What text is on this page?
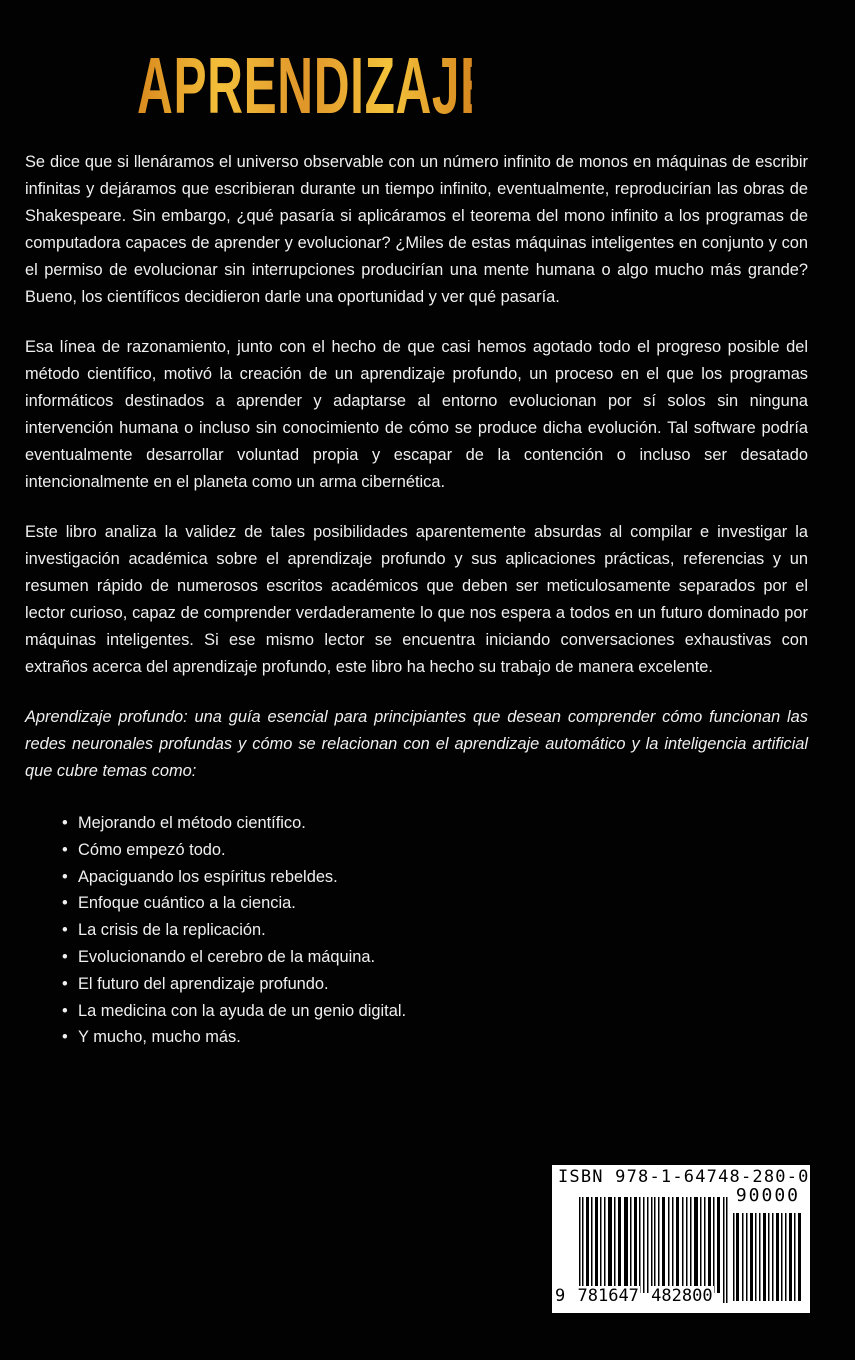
APRENDIZAJE PROFUNDO
Se dice que si llenáramos el universo observable con un número infinito de monos en máquinas de escribir infinitas y dejáramos que escribieran durante un tiempo infinito, eventualmente, reproducirían las obras de Shakespeare. Sin embargo, ¿qué pasaría si aplicáramos el teorema del mono infinito a los programas de computadora capaces de aprender y evolucionar? ¿Miles de estas máquinas inteligentes en conjunto y con el permiso de evolucionar sin interrupciones producirían una mente humana o algo mucho más grande? Bueno, los científicos decidieron darle una oportunidad y ver qué pasaría.
Esa línea de razonamiento, junto con el hecho de que casi hemos agotado todo el progreso posible del método científico, motivó la creación de un aprendizaje profundo, un proceso en el que los programas informáticos destinados a aprender y adaptarse al entorno evolucionan por sí solos sin ninguna intervención humana o incluso sin conocimiento de cómo se produce dicha evolución. Tal software podría eventualmente desarrollar voluntad propia y escapar de la contención o incluso ser desatado intencionalmente en el planeta como un arma cibernética.
Este libro analiza la validez de tales posibilidades aparentemente absurdas al compilar e investigar la investigación académica sobre el aprendizaje profundo y sus aplicaciones prácticas, referencias y un resumen rápido de numerosos escritos académicos que deben ser meticulosamente separados por el lector curioso, capaz de comprender verdaderamente lo que nos espera a todos en un futuro dominado por máquinas inteligentes. Si ese mismo lector se encuentra iniciando conversaciones exhaustivas con extraños acerca del aprendizaje profundo, este libro ha hecho su trabajo de manera excelente.
Aprendizaje profundo: una guía esencial para principiantes que desean comprender cómo funcionan las redes neuronales profundas y cómo se relacionan con el aprendizaje automático y la inteligencia artificial que cubre temas como:
• Mejorando el método científico.
• Cómo empezó todo.
• Apaciguando los espíritus rebeldes.
• Enfoque cuántico a la ciencia.
• La crisis de la replicación.
• Evolucionando el cerebro de la máquina.
• El futuro del aprendizaje profundo.
• La medicina con la ayuda de un genio digital.
• Y mucho, mucho más.
ISBN 978-1-64748-280-0
90000
9 781647 482800
